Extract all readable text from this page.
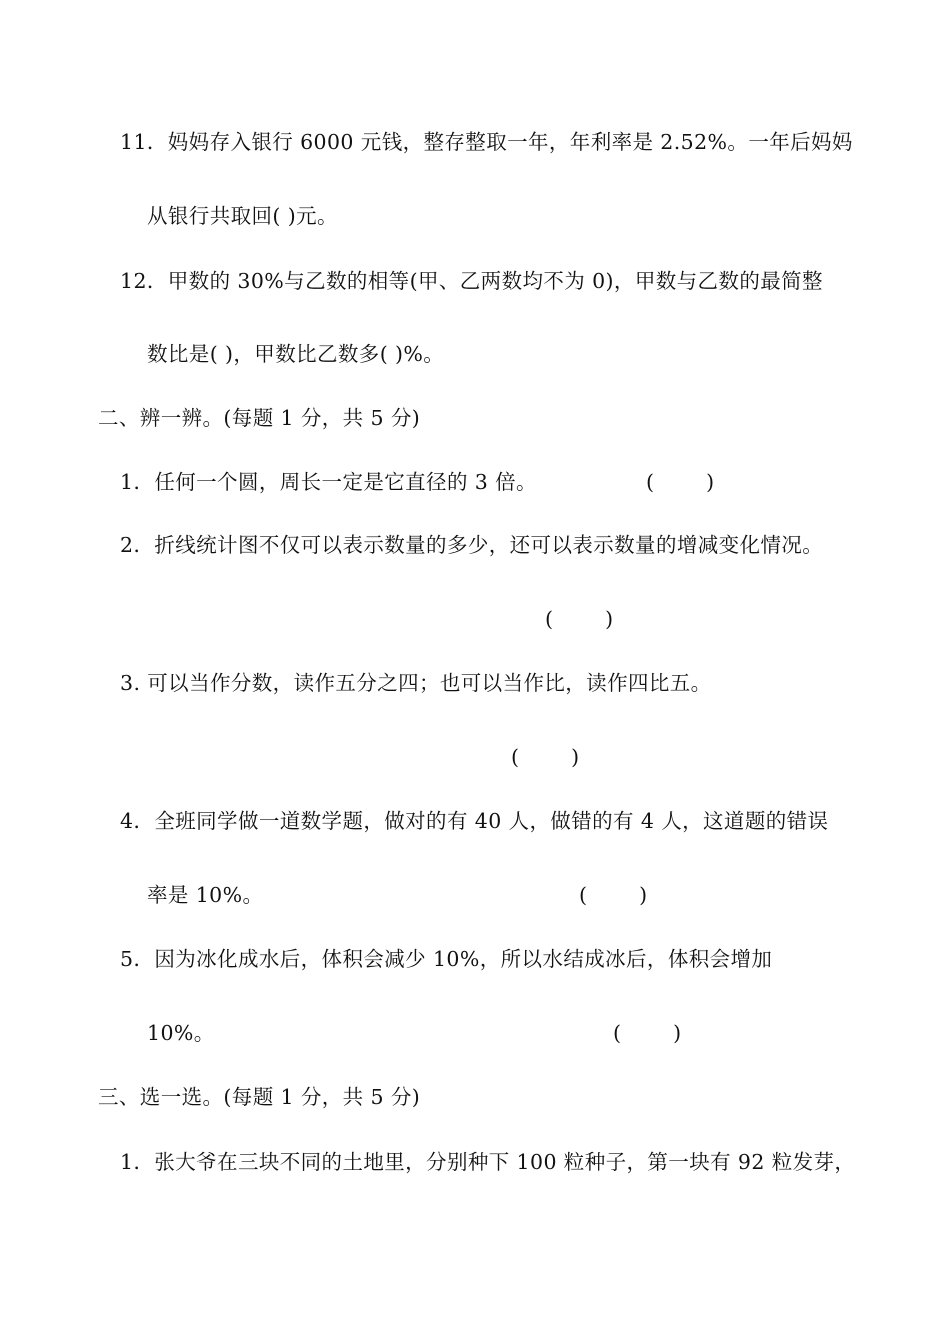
11．妈妈存入银行 6000 元钱，整存整取一年，年利率是 2.52%。一年后妈妈
从银行共取回( )元。
12．甲数的 30%与乙数的相等(甲、乙两数均不为 0)，甲数与乙数的最简整
数比是( )，甲数比乙数多( )%。
二、辨一辨。(每题 1 分，共 5 分)
1．任何一个圆，周长一定是它直径的 3 倍。	(        )
2．折线统计图不仅可以表示数量的多少，还可以表示数量的增减变化情况。
(        )
3. 可以当作分数，读作五分之四；也可以当作比，读作四比五。
(        )
4．全班同学做一道数学题，做对的有 40 人，做错的有 4 人，这道题的错误
率是 10%。	(        )
5．因为冰化成水后，体积会减少 10%，所以水结成冰后，体积会增加
10%。	(        )
三、选一选。(每题 1 分，共 5 分)
1．张大爷在三块不同的土地里，分别种下 100 粒种子，第一块有 92 粒发芽，
